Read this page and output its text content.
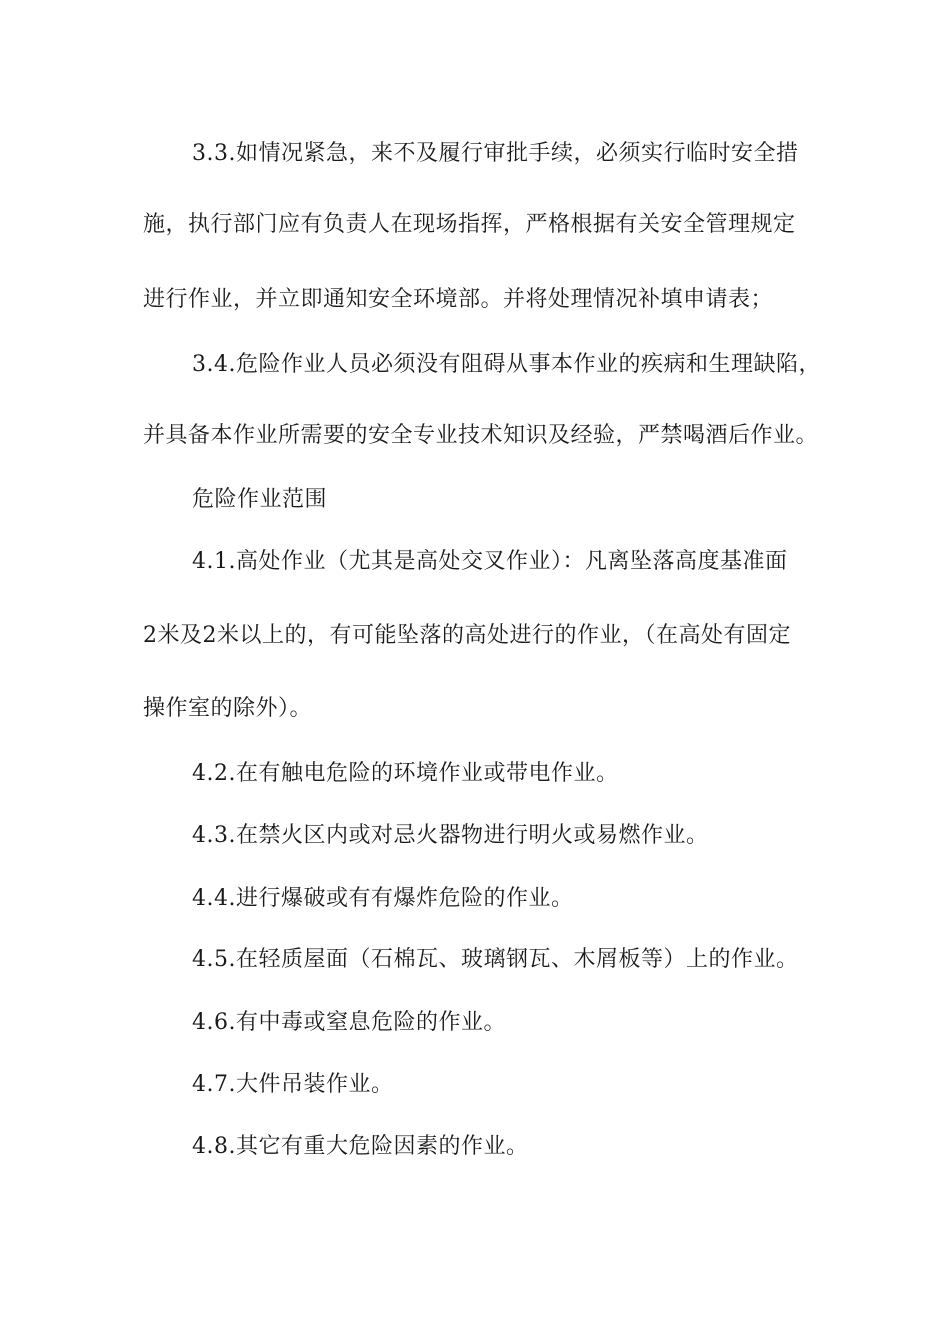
3.3.如情况紧急，来不及履行审批手续，必须实行临时安全措
施，执行部门应有负责人在现场指挥，严格根据有关安全管理规定
进行作业，并立即通知安全环境部。并将处理情况补填申请表；
3.4.危险作业人员必须没有阻碍从事本作业的疾病和生理缺陷，
并具备本作业所需要的安全专业技术知识及经验，严禁喝酒后作业。
危险作业范围
4.1.高处作业（尤其是高处交叉作业）：凡离坠落高度基准面
2米及2米以上的，有可能坠落的高处进行的作业，（在高处有固定
操作室的除外）。
4.2.在有触电危险的环境作业或带电作业。
4.3.在禁火区内或对忌火器物进行明火或易燃作业。
4.4.进行爆破或有有爆炸危险的作业。
4.5.在轻质屋面（石棉瓦、玻璃钢瓦、木屑板等）上的作业。
4.6.有中毒或窒息危险的作业。
4.7.大件吊装作业。
4.8.其它有重大危险因素的作业。
